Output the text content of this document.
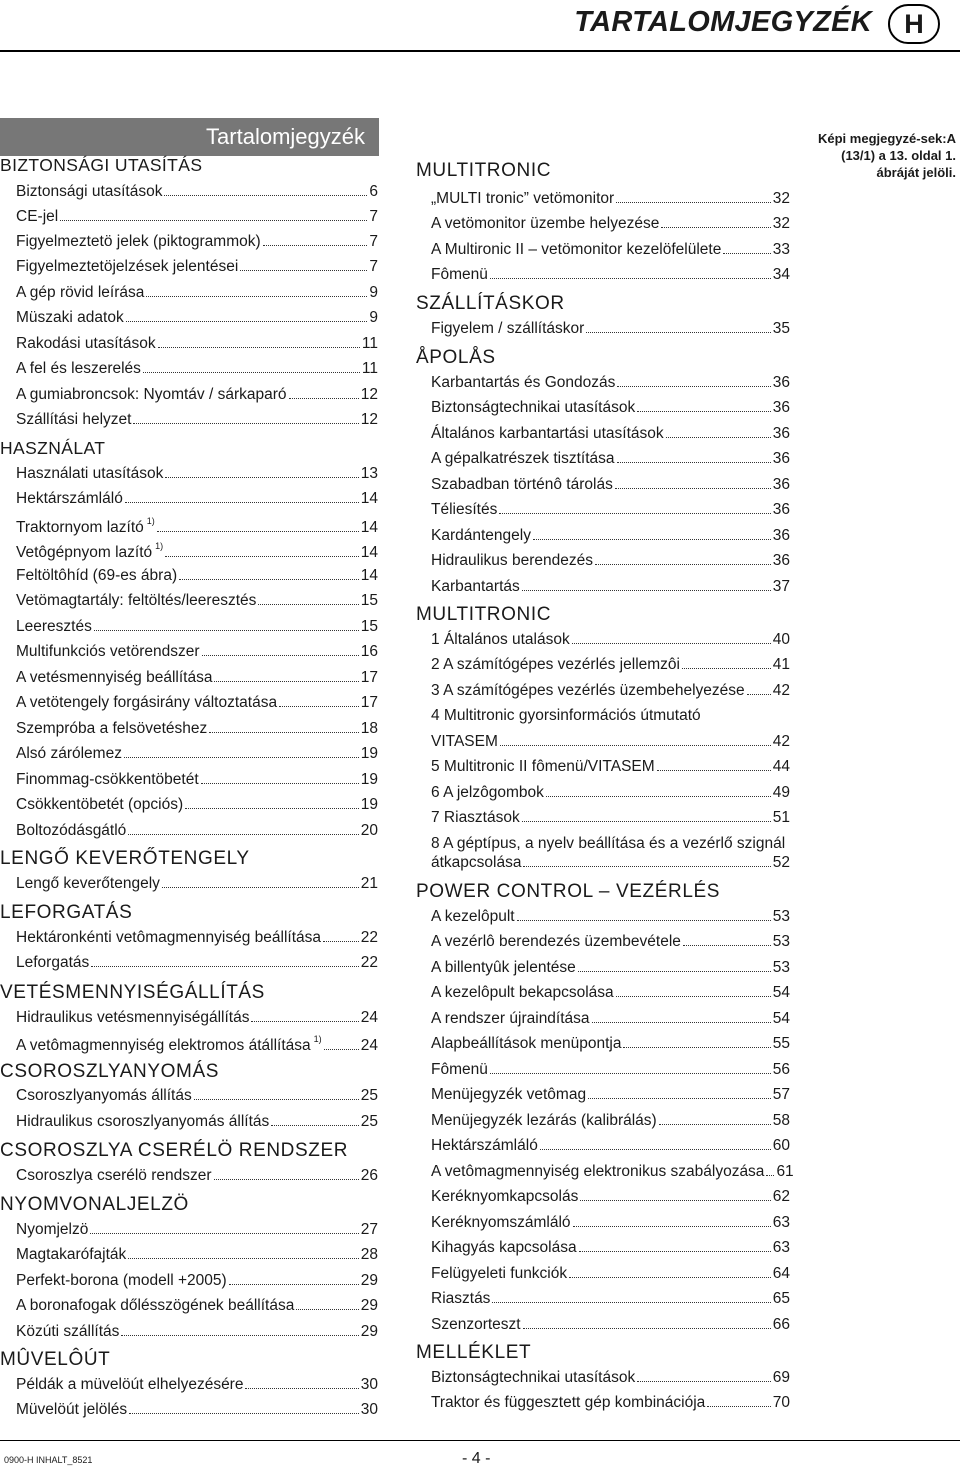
TARTALOMJEGYZÉK	H
Tartalomjegyzék
BIZTONSÁGI UTASÍTÁS
Biztonsági utasítások	6
CE-jel	7
Figyelmeztetö jelek (piktogrammok)	7
Figyelmeztetöjelzések jelentései	7
A gép rövid leírása	9
Müszaki adatok	9
Rakodási utasítások	11
A fel és leszerelés	11
A gumiabroncsok: Nyomtáv / sárkaparó	12
Szállítási helyzet	12
HASZNÁLAT
Használati utasítások	13
Hektárszámláló	14
Traktornyom lazító $^{1)}$	14
Vetôgépnyom lazító $^{1)}$	14
Feltöltôhíd (69-es ábra)	14
Vetömagtartály: feltöltés/leeresztés	15
Leeresztés	15
Multifunkciós vetörendszer	16
A vetésmennyiség beállítása	17
A vetötengely forgásirány változtatása	17
Szempróba a felsövetéshez	18
Alsó zárólemez	19
Finommag-csökkentöbetét	19
Csökkentöbetét (opciós)	19
Boltozódásgátló	20
LENGŐ KEVERŐTENGELY
Lengő keverőtengely	21
LEFORGATÁS
Hektáronkénti vetômagmennyiség beállítása	22
Leforgatás	22
VETÉSMENNYISÉGÁLLÍTÁS
Hidraulikus vetésmennyiségállítás	24
A vetômagmennyiség elektromos átállítása $^{1)}$	24
CSOROSZLYANYOMÁS
Csoroszlyanyomás állítás	25
Hidraulikus csoroszlyanyomás állítás	25
CSOROSZLYA CSERÉLÖ RENDSZER
Csoroszlya cserélö rendszer	26
NYOMVONALJELZÖ
Nyomjelzö	27
Magtakarófajták	28
Perfekt-borona (modell +2005)	29
A boronafogak dőlésszögének beállítása	29
Közúti szállítás	29
MÛVELÔÚT
Példák a müvelöút elhelyezésére	30
Müvelöút jelölés	30
MULTITRONIC
„MULTI tronic” vetömonitor	32
A vetömonitor üzembe helyezése	32
A Multironic II – vetömonitor kezelöfelülete	33
Fômenü	34
SZÁLLÍTÁSKOR
Figyelem / szállításkor	35
ÅPOLÅS
Karbantartás és Gondozás	36
Biztonságtechnikai utasítások	36
Általános karbantartási utasítások	36
A gépalkatrészek tisztítása	36
Szabadban történô tárolás	36
Téliesítés	36
Kardántengely	36
Hidraulikus berendezés	36
Karbantartás	37
MULTITRONIC
1 Általános utalások	40
2 A számítógépes vezérlés jellemzôi	41
3 A számítógépes vezérlés üzembehelyezése 42
4 Multitronic gyorsinformációs útmutató
VITASEM	42
5 Multitronic II fômenü/VITASEM	44
6 A jelzôgombok	49
7 Riasztások	51
8 A géptípus, a nyelv beállítása és a vezérlő szignál
átkapcsolása	52
POWER CONTROL – VEZÉRLÉS
A kezelôpult	53
A vezérlô berendezés üzembevétele	53
A billentyûk jelentése	53
A kezelôpult bekapcsolása	54
A rendszer újraindítása	54
Alapbeállítások menüpontja	55
Fômenü	56
Menüjegyzék vetômag	57
Menüjegyzék lezárás (kalibrálás)	58
Hektárszámláló	60
A vetômagmennyiség elektronikus szabályozása 61
Keréknyomkapcsolás	62
Keréknyomszámláló	63
Kihagyás kapcsolása	63
Felügyeleti funkciók	64
Riasztás	65
Szenzorteszt	66
MELLÉKLET
Biztonságtechnikai utasítások	69
Traktor és függesztett gép kombinációja	70
Képi megjegyzé-sek:A (13/1) a 13. oldal 1. ábráját jelöli.
0900-H INHALT_8521	- 4 -
